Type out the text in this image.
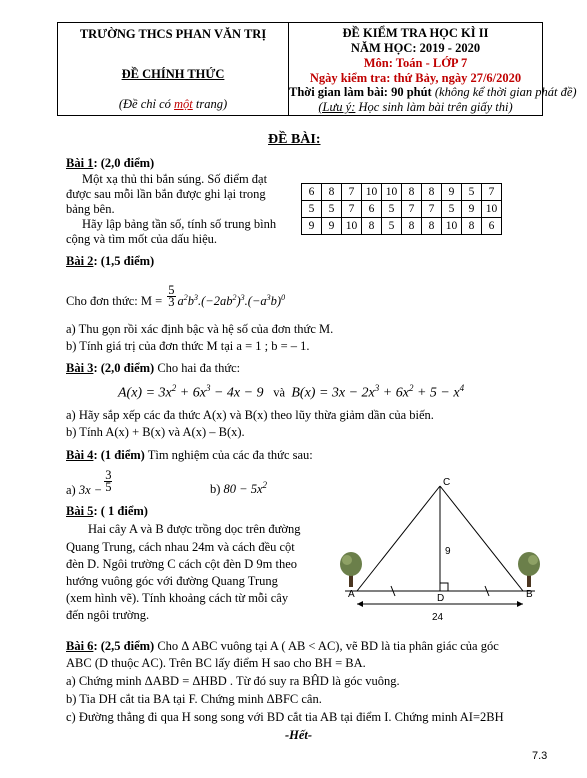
TRƯỜNG THCS PHAN VĂN TRỊ
ĐỀ CHÍNH THỨC
(Đề chỉ có một trang)

ĐỀ KIỂM TRA HỌC KÌ II
NĂM HỌC: 2019 - 2020
Môn: Toán - LỚP 7
Ngày kiểm tra: thứ Bảy, ngày 27/6/2020
Thời gian làm bài: 90 phút (không kể thời gian phát đề)
(Lưu ý: Học sinh làm bài trên giấy thi)
ĐỀ BÀI:
Bài 1: (2,0 điểm)
Một xạ thủ thi bắn súng. Số điểm đạt
được sau mỗi lần bắn được ghi lại trong
bảng bên.
Hãy lập bảng tần số, tính số trung bình
cộng và tìm mốt của dấu hiệu.
6	8	7	10	10	8	8	9	5	7
5	5	7	6	5	7	7	5	9	10
9	9	10	8	5	8	8	10	8	6
Bài 2: (1,5 điểm)
Cho đơn thức: $M = \frac{5}{3} a^2b^3.(-2ab^2)^3.(-a^3b)^0$
a) Thu gọn rồi xác định bậc và hệ số của đơn thức M.
b) Tính giá trị của đơn thức M tại a = 1 ; b = – 1.
Bài 3: (2,0 điểm) Cho hai đa thức:
$A(x) = 3x^2 + 6x^3 - 4x - 9$   và  $B(x) = 3x - 2x^3 + 6x^2 + 5 - x^4$
a) Hãy sắp xếp các đa thức A(x) và B(x) theo lũy thừa giảm dần của biến.
b) Tính A(x) + B(x) và A(x) – B(x).
Bài 4: (1 điểm) Tìm nghiệm của các đa thức sau:
a) $3x - \frac{3}{5}$	b) $80 - 5x^2$
Bài 5: ( 1 điểm)
Hai cây A và B được trồng dọc trên đường
Quang Trung, cách nhau 24m và cách đều cột
đèn D. Ngôi trường C cách cột đèn D 9m theo
hướng vuông góc với đường Quang Trung
(xem hình vẽ). Tính khoảng cách từ mỗi cây
đến ngôi trường.
C
A	B
D
9
24
Bài 6: (2,5 điểm) Cho Δ ABC vuông tại A ( AB < AC), vẽ BD là tia phân giác của góc
ABC (D thuộc AC). Trên BC lấy điểm H sao cho BH = BA.
a) Chứng minh ΔABD = ΔHBD . Từ đó suy ra BĤD là góc vuông.
b) Tia DH cắt tia BA tại F. Chứng minh ΔBFC cân.
c) Đường thẳng đi qua H song song với BD cắt tia AB tại điểm I. Chứng minh AI=2BH
-Hết-
7.3
